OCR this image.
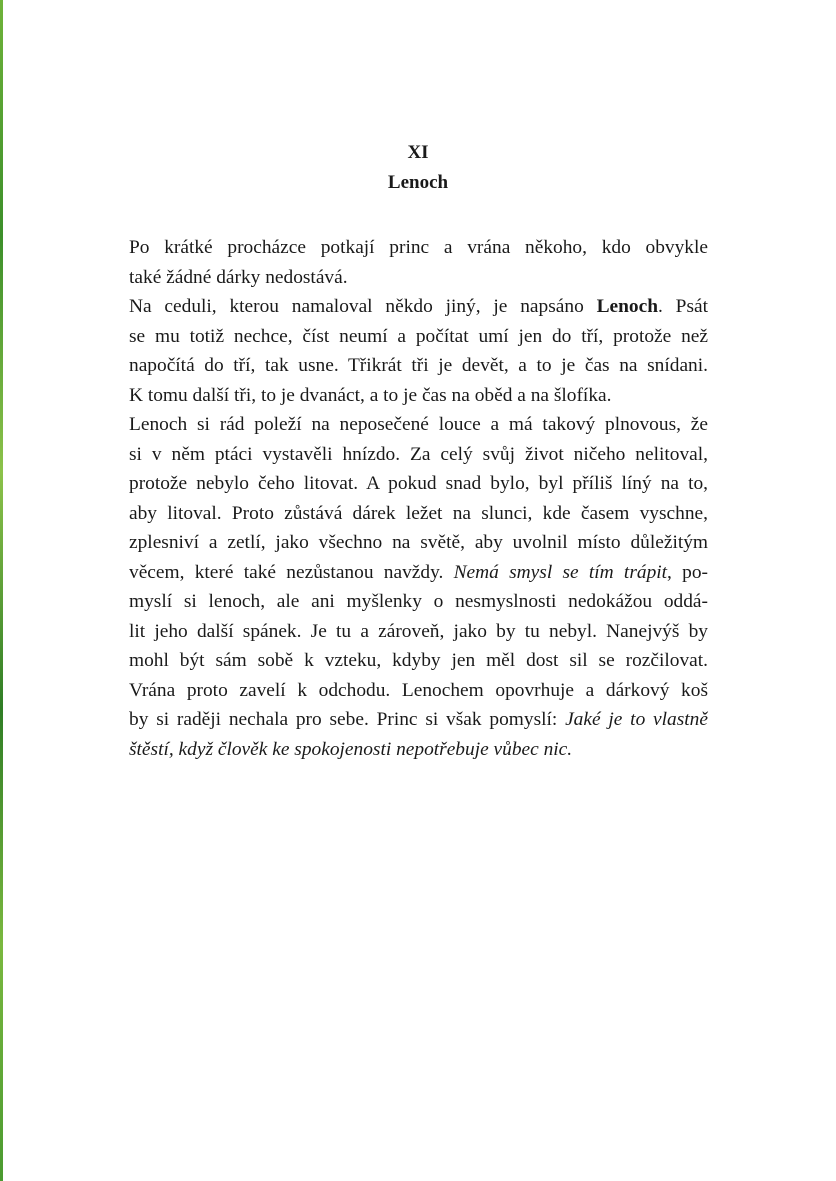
XI
Lenoch

Po krátké procházce potkají princ a vrána někoho, kdo obvykle
také žádné dárky nedostává.

Na ceduli, kterou namaloval někdo jiný, je napsáno Lenoch. Psát
se mu totiž nechce, číst neumí a počítat umí jen do tří, protože než
napočítá do tří, tak usne. Třikrát tři je devět, a to je čas na snídani.
K tomu další tři, to je dvanáct, a to je čas na oběd a na šlofíka.

Lenoch si rád poleží na neposečené louce a má takový plnovous, že
si v něm ptáci vystavěli hnízdo. Za celý svůj život ničeho nelitoval,
protože nebylo čeho litovat. A pokud snad bylo, byl příliš líný na to,
aby litoval. Proto zůstává dárek ležet na slunci, kde časem vyschne,
zplesniví a zetlí, jako všechno na světě, aby uvolnil místo důležitým
věcem, které také nezůstanou navždy. Nemá smysl se tím trápit, po-
myslí si lenoch, ale ani myšlenky o nesmyslnosti nedokážou oddá-
lit jeho další spánek. Je tu a zároveň, jako by tu nebyl. Nanejvýš by
mohl být sám sobě k vzteku, kdyby jen měl dost sil se rozčilovat.
Vrána proto zavelí k odchodu. Lenochem opovrhuje a dárkový koš
by si raději nechala pro sebe. Princ si však pomyslí: Jaké je to vlastně
štěstí, když člověk ke spokojenosti nepotřebuje vůbec nic.
